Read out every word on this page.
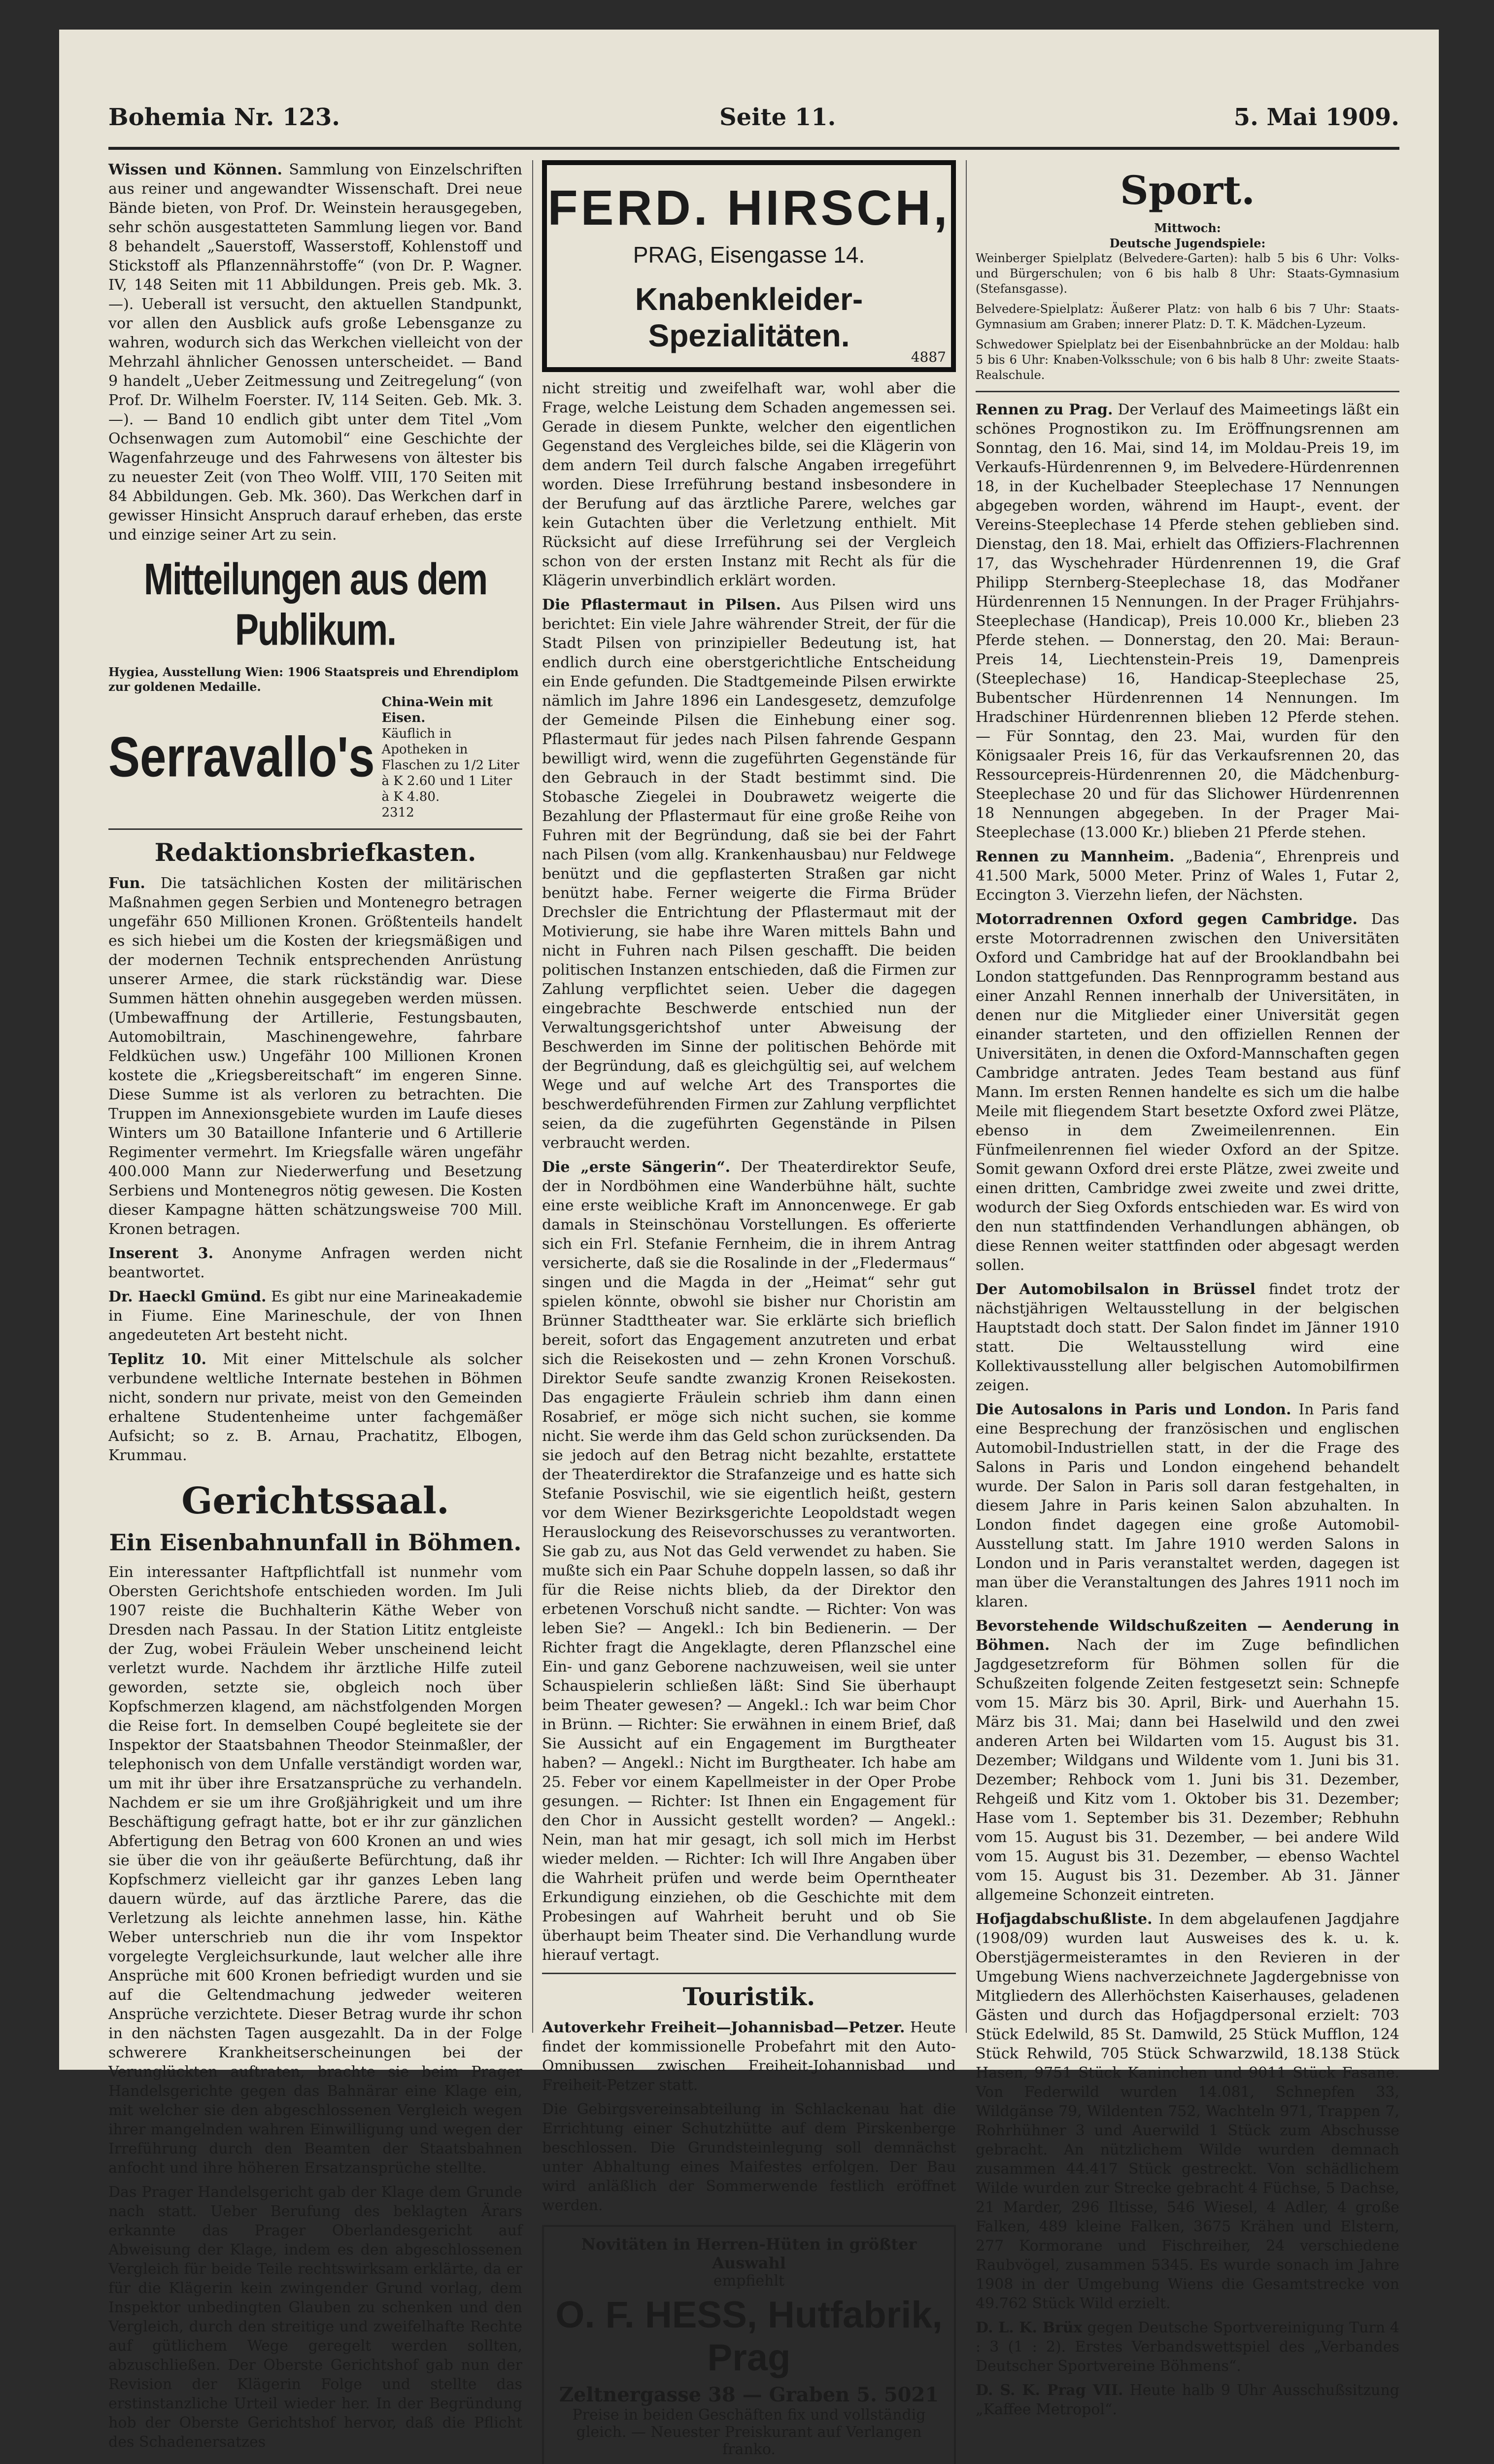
Bohemia Nr. 123.	Seite 11.	5. Mai 1909.

Wissen und Können. Sammlung von Einzelschriften aus reiner und angewandter Wissenschaft. Drei neue Bände bieten, von Prof. Dr. Weinstein herausgegeben, sehr schön ausgestatteten Sammlung liegen vor. Band 8 behandelt „Sauerstoff, Wasserstoff, Kohlenstoff und Stickstoff als Pflanzennährstoffe“ (von Dr. P. Wagner. IV, 148 Seiten mit 11 Abbildungen. Preis geb. Mk. 3.—). Ueberall ist versucht, den aktuellen Standpunkt, vor allen den Ausblick aufs große Lebensganze zu wahren, wodurch sich das Werkchen vielleicht von der Mehrzahl ähnlicher Genossen unterscheidet. — Band 9 handelt „Ueber Zeitmessung und Zeitregelung“ (von Prof. Dr. Wilhelm Foerster. IV, 114 Seiten. Geb. Mk. 3.—). — Band 10 endlich gibt unter dem Titel „Vom Ochsenwagen zum Automobil“ eine Geschichte der Wagenfahrzeuge und des Fahrwesens von ältester bis zu neuester Zeit (von Theo Wolff. VIII, 170 Seiten mit 84 Abbildungen. Geb. Mk. 360). Das Werkchen darf in gewisser Hinsicht Anspruch darauf erheben, das erste und einzige seiner Art zu sein.

Mitteilungen aus dem Publikum.
Hygiea, Ausstellung Wien: 1906 Staatspreis und Ehrendiplom zur goldenen Medaille.
Serravallo's
China-Wein mit Eisen.
Käuflich in Apotheken in Flaschen zu 1/2 Liter à K 2.60 und 1 Liter à K 4.80.
2312
Redaktionsbriefkasten.

Fun. Die tatsächlichen Kosten der militärischen Maßnahmen gegen Serbien und Montenegro betragen ungefähr 650 Millionen Kronen. Größtenteils handelt es sich hiebei um die Kosten der kriegsmäßigen und der modernen Technik entsprechenden Anrüstung unserer Armee, die stark rückständig war. Diese Summen hätten ohnehin ausgegeben werden müssen. (Umbewaffnung der Artillerie, Festungsbauten, Automobiltrain, Maschinengewehre, fahrbare Feldküchen usw.) Ungefähr 100 Millionen Kronen kostete die „Kriegsbereitschaft“ im engeren Sinne. Diese Summe ist als verloren zu betrachten. Die Truppen im Annexionsgebiete wurden im Laufe dieses Winters um 30 Bataillone Infanterie und 6 Artillerie Regimenter vermehrt. Im Kriegsfalle wären ungefähr 400.000 Mann zur Niederwerfung und Besetzung Serbiens und Montenegros nötig gewesen. Die Kosten dieser Kampagne hätten schätzungsweise 700 Mill. Kronen betragen.

Inserent 3. Anonyme Anfragen werden nicht beantwortet.

Dr. Haeckl Gmünd. Es gibt nur eine Marineakademie in Fiume. Eine Marineschule, der von Ihnen angedeuteten Art besteht nicht.

Teplitz 10. Mit einer Mittelschule als solcher verbundene weltliche Internate bestehen in Böhmen nicht, sondern nur private, meist von den Gemeinden erhaltene Studentenheime unter fachgemäßer Aufsicht; so z. B. Arnau, Prachatitz, Elbogen, Krummau.

Gerichtssaal.
Ein Eisenbahnunfall in Böhmen.

Ein interessanter Haftpflichtfall ist nunmehr vom Obersten Gerichtshofe entschieden worden. Im Juli 1907 reiste die Buchhalterin Käthe Weber von Dresden nach Passau. In der Station Lititz entgleiste der Zug, wobei Fräulein Weber unscheinend leicht verletzt wurde. Nachdem ihr ärztliche Hilfe zuteil geworden, setzte sie, obgleich noch über Kopfschmerzen klagend, am nächstfolgenden Morgen die Reise fort. In demselben Coupé begleitete sie der Inspektor der Staatsbahnen Theodor Steinmaßler, der telephonisch von dem Unfalle verständigt worden war, um mit ihr über ihre Ersatzansprüche zu verhandeln. Nachdem er sie um ihre Großjährigkeit und um ihre Beschäftigung gefragt hatte, bot er ihr zur gänzlichen Abfertigung den Betrag von 600 Kronen an und wies sie über die von ihr geäußerte Befürchtung, daß ihr Kopfschmerz vielleicht gar ihr ganzes Leben lang dauern würde, auf das ärztliche Parere, das die Verletzung als leichte annehmen lasse, hin. Käthe Weber unterschrieb nun die ihr vom Inspektor vorgelegte Vergleichsurkunde, laut welcher alle ihre Ansprüche mit 600 Kronen befriedigt wurden und sie auf die Geltendmachung jedweder weiteren Ansprüche verzichtete. Dieser Betrag wurde ihr schon in den nächsten Tagen ausgezahlt. Da in der Folge schwerere Krankheitserscheinungen bei der Verunglückten auftraten, brachte sie beim Prager Handelsgerichte gegen das Bahnärar eine Klage ein, mit welcher sie den abgeschlossenen Vergleich wegen ihrer mangelnden wahren Einwilligung und wegen der Irreführung durch den Beamten der Staatsbahnen anfocht und ihre höheren Ersatzansprüche stellte.

Das Prager Handelsgericht gab der Klage dem Grunde nach statt. Ueber Berufung des beklagten Ärars erkannte das Prager Oberlandesgericht auf Abweisung der Klage, indem es den abgeschlossenen Vergleich für beide Teile rechtswirksam erklärte, da er für die Klägerin kein zwingender Grund vorlag, dem Inspektor unbedingten Glauben zu schenken und den Vergleich, durch den streitige und zweifelhafte Rechte auf gütlichem Wege geregelt werden sollten, abzuschließen. Der Oberste Gerichtshof gab nun der Revision der Klägerin Folge und stellte das erstinstanzliche Urteil wieder her. In der Begründung hob der Oberste Gerichtshof hervor, daß die Pflicht des Schadenersatzes

FERD. HIRSCH,
PRAG, Eisengasse 14.
Knabenkleider-Spezialitäten.
4887

nicht streitig und zweifelhaft war, wohl aber die Frage, welche Leistung dem Schaden angemessen sei. Gerade in diesem Punkte, welcher den eigentlichen Gegenstand des Vergleiches bilde, sei die Klägerin von dem andern Teil durch falsche Angaben irregeführt worden. Diese Irreführung bestand insbesondere in der Berufung auf das ärztliche Parere, welches gar kein Gutachten über die Verletzung enthielt. Mit Rücksicht auf diese Irreführung sei der Vergleich schon von der ersten Instanz mit Recht als für die Klägerin unverbindlich erklärt worden.

Die Pflastermaut in Pilsen. Aus Pilsen wird uns berichtet: Ein viele Jahre währender Streit, der für die Stadt Pilsen von prinzipieller Bedeutung ist, hat endlich durch eine oberstgerichtliche Entscheidung ein Ende gefunden. Die Stadtgemeinde Pilsen erwirkte nämlich im Jahre 1896 ein Landesgesetz, demzufolge der Gemeinde Pilsen die Einhebung einer sog. Pflastermaut für jedes nach Pilsen fahrende Gespann bewilligt wird, wenn die zugeführten Gegenstände für den Gebrauch in der Stadt bestimmt sind. Die Stobasche Ziegelei in Doubrawetz weigerte die Bezahlung der Pflastermaut für eine große Reihe von Fuhren mit der Begründung, daß sie bei der Fahrt nach Pilsen (vom allg. Krankenhausbau) nur Feldwege benützt und die gepflasterten Straßen gar nicht benützt habe. Ferner weigerte die Firma Brüder Drechsler die Entrichtung der Pflastermaut mit der Motivierung, sie habe ihre Waren mittels Bahn und nicht in Fuhren nach Pilsen geschafft. Die beiden politischen Instanzen entschieden, daß die Firmen zur Zahlung verpflichtet seien. Ueber die dagegen eingebrachte Beschwerde entschied nun der Verwaltungsgerichtshof unter Abweisung der Beschwerden im Sinne der politischen Behörde mit der Begründung, daß es gleichgültig sei, auf welchem Wege und auf welche Art des Transportes die beschwerdeführenden Firmen zur Zahlung verpflichtet seien, da die zugeführten Gegenstände in Pilsen verbraucht werden.

Die „erste Sängerin“. Der Theaterdirektor Seufe, der in Nordböhmen eine Wanderbühne hält, suchte eine erste weibliche Kraft im Annoncenwege. Er gab damals in Steinschönau Vorstellungen. Es offerierte sich ein Frl. Stefanie Fernheim, die in ihrem Antrag versicherte, daß sie die Rosalinde in der „Fledermaus“ singen und die Magda in der „Heimat“ sehr gut spielen könnte, obwohl sie bisher nur Choristin am Brünner Stadttheater war. Sie erklärte sich brieflich bereit, sofort das Engagement anzutreten und erbat sich die Reisekosten und — zehn Kronen Vorschuß. Direktor Seufe sandte zwanzig Kronen Reisekosten. Das engagierte Fräulein schrieb ihm dann einen Rosabrief, er möge sich nicht suchen, sie komme nicht. Sie werde ihm das Geld schon zurücksenden. Da sie jedoch auf den Betrag nicht bezahlte, erstattete der Theaterdirektor die Strafanzeige und es hatte sich Stefanie Posvischil, wie sie eigentlich heißt, gestern vor dem Wiener Bezirksgerichte Leopoldstadt wegen Herauslockung des Reisevorschusses zu verantworten. Sie gab zu, aus Not das Geld verwendet zu haben. Sie mußte sich ein Paar Schuhe doppeln lassen, so daß ihr für die Reise nichts blieb, da der Direktor den erbetenen Vorschuß nicht sandte. — Richter: Von was leben Sie? — Angekl.: Ich bin Bedienerin. — Der Richter fragt die Angeklagte, deren Pflanzschel eine Ein- und ganz Geborene nachzuweisen, weil sie unter Schauspielerin schließen läßt: Sind Sie überhaupt beim Theater gewesen? — Angekl.: Ich war beim Chor in Brünn. — Richter: Sie erwähnen in einem Brief, daß Sie Aussicht auf ein Engagement im Burgtheater haben? — Angekl.: Nicht im Burgtheater. Ich habe am 25. Feber vor einem Kapellmeister in der Oper Probe gesungen. — Richter: Ist Ihnen ein Engagement für den Chor in Aussicht gestellt worden? — Angekl.: Nein, man hat mir gesagt, ich soll mich im Herbst wieder melden. — Richter: Ich will Ihre Angaben über die Wahrheit prüfen und werde beim Operntheater Erkundigung einziehen, ob die Geschichte mit dem Probesingen auf Wahrheit beruht und ob Sie überhaupt beim Theater sind. Die Verhandlung wurde hierauf vertagt.

Touristik.

Autoverkehr Freiheit—Johannisbad—Petzer. Heute findet der kommissionelle Probefahrt mit den Auto-Omnibussen zwischen Freiheit-Johannisbad und Freiheit-Petzer statt.

Die Gebirgsvereinsabteilung in Schlackenau hat die Errichtung einer Schutzhütte auf dem Pirskenberge beschlossen. Die Grundsteinlegung soll demnächst unter Abhaltung eines Maifestes erfolgen. Der Bau wird anläßlich der Sommerwende festlich eröffnet werden.

Novitäten in Herren-Hüten in größter Auswahl
empfiehlt
O. F. HESS, Hutfabrik, Prag
Zeltnergasse 38 — Graben 5. 5021
Preise in beiden Geschäften fix und vollständig gleich. — Neuester Preiskurant auf Verlangen franko.
Sport.
Mittwoch:
Deutsche Jugendspiele:

Weinberger Spielplatz (Belvedere-Garten): halb 5 bis 6 Uhr: Volks- und Bürgerschulen; von 6 bis halb 8 Uhr: Staats-Gymnasium (Stefansgasse).

Belvedere-Spielplatz: Äußerer Platz: von halb 6 bis 7 Uhr: Staats-Gymnasium am Graben; innerer Platz: D. T. K. Mädchen-Lyzeum.

Schwedower Spielplatz bei der Eisenbahnbrücke an der Moldau: halb 5 bis 6 Uhr: Knaben-Volksschule; von 6 bis halb 8 Uhr: zweite Staats-Realschule.

Rennen zu Prag. Der Verlauf des Maimeetings läßt ein schönes Prognostikon zu. Im Eröffnungsrennen am Sonntag, den 16. Mai, sind 14, im Moldau-Preis 19, im Verkaufs-Hürdenrennen 9, im Belvedere-Hürdenrennen 18, in der Kuchelbader Steeplechase 17 Nennungen abgegeben worden, während im Haupt-, event. der Vereins-Steeplechase 14 Pferde stehen geblieben sind. Dienstag, den 18. Mai, erhielt das Offiziers-Flachrennen 17, das Wyschehrader Hürdenrennen 19, die Graf Philipp Sternberg-Steeplechase 18, das Modřaner Hürdenrennen 15 Nennungen. In der Prager Frühjahrs-Steeplechase (Handicap), Preis 10.000 Kr., blieben 23 Pferde stehen. — Donnerstag, den 20. Mai: Beraun-Preis 14, Liechtenstein-Preis 19, Damenpreis (Steeplechase) 16, Handicap-Steeplechase 25, Bubentscher Hürdenrennen 14 Nennungen. Im Hradschiner Hürdenrennen blieben 12 Pferde stehen. — Für Sonntag, den 23. Mai, wurden für den Königsaaler Preis 16, für das Verkaufsrennen 20, das Ressourcepreis-Hürdenrennen 20, die Mädchenburg-Steeplechase 20 und für das Slichower Hürdenrennen 18 Nennungen abgegeben. In der Prager Mai-Steeplechase (13.000 Kr.) blieben 21 Pferde stehen.

Rennen zu Mannheim. „Badenia“, Ehrenpreis und 41.500 Mark, 5000 Meter. Prinz of Wales 1, Futar 2, Eccington 3. Vierzehn liefen, der Nächsten.

Motorradrennen Oxford gegen Cambridge. Das erste Motorradrennen zwischen den Universitäten Oxford und Cambridge hat auf der Brooklandbahn bei London stattgefunden. Das Rennprogramm bestand aus einer Anzahl Rennen innerhalb der Universitäten, in denen nur die Mitglieder einer Universität gegen einander starteten, und den offiziellen Rennen der Universitäten, in denen die Oxford-Mannschaften gegen Cambridge antraten. Jedes Team bestand aus fünf Mann. Im ersten Rennen handelte es sich um die halbe Meile mit fliegendem Start besetzte Oxford zwei Plätze, ebenso in dem Zweimeilenrennen. Ein Fünfmeilenrennen fiel wieder Oxford an der Spitze. Somit gewann Oxford drei erste Plätze, zwei zweite und einen dritten, Cambridge zwei zweite und zwei dritte, wodurch der Sieg Oxfords entschieden war. Es wird von den nun stattfindenden Verhandlungen abhängen, ob diese Rennen weiter stattfinden oder abgesagt werden sollen.

Der Automobilsalon in Brüssel findet trotz der nächstjährigen Weltausstellung in der belgischen Hauptstadt doch statt. Der Salon findet im Jänner 1910 statt. Die Weltausstellung wird eine Kollektivausstellung aller belgischen Automobilfirmen zeigen.

Die Autosalons in Paris und London. In Paris fand eine Besprechung der französischen und englischen Automobil-Industriellen statt, in der die Frage des Salons in Paris und London eingehend behandelt wurde. Der Salon in Paris soll daran festgehalten, in diesem Jahre in Paris keinen Salon abzuhalten. In London findet dagegen eine große Automobil-Ausstellung statt. Im Jahre 1910 werden Salons in London und in Paris veranstaltet werden, dagegen ist man über die Veranstaltungen des Jahres 1911 noch im klaren.

Bevorstehende Wildschußzeiten — Aenderung in Böhmen. Nach der im Zuge befindlichen Jagdgesetzreform für Böhmen sollen für die Schußzeiten folgende Zeiten festgesetzt sein: Schnepfe vom 15. März bis 30. April, Birk- und Auerhahn 15. März bis 31. Mai; dann bei Haselwild und den zwei anderen Arten bei Wildarten vom 15. August bis 31. Dezember; Wildgans und Wildente vom 1. Juni bis 31. Dezember; Rehbock vom 1. Juni bis 31. Dezember, Rehgeiß und Kitz vom 1. Oktober bis 31. Dezember; Hase vom 1. September bis 31. Dezember; Rebhuhn vom 15. August bis 31. Dezember, — bei andere Wild vom 15. August bis 31. Dezember, — ebenso Wachtel vom 15. August bis 31. Dezember. Ab 31. Jänner allgemeine Schonzeit eintreten.

Hofjagdabschußliste. In dem abgelaufenen Jagdjahre (1908/09) wurden laut Ausweises des k. u. k. Oberstjägermeisteramtes in den Revieren in der Umgebung Wiens nachverzeichnete Jagdergebnisse von Mitgliedern des Allerhöchsten Kaiserhauses, geladenen Gästen und durch das Hofjagdpersonal erzielt: 703 Stück Edelwild, 85 St. Damwild, 25 Stück Mufflon, 124 Stück Rehwild, 705 Stück Schwarzwild, 18.138 Stück Hasen, 9751 Stück Kaninchen und 9011 Stück Fasane. Von Federwild wurden 14.081, Schnepfen 33, Wildgänse 79, Wildenten 752, Wachteln 971, Trappen 7, Rohrhühner 3 und Auerwild 1 Stück zum Abschusse gebracht. An nützlichem Wilde wurden demnach zusammen 44.417 Stück gestreckt. Von schädlichem Wilde wurden zur Strecke gebracht 4 Füchse, 5 Dachse, 21 Marder, 296 Iltisse, 546 Wiesel, 4 Adler, 4 große Falken, 489 kleine Falken, 3675 Krähen und Elstern, 277 Kormorane und Fischreiher, 24 verschiedene Raubvögel, zusammen 5345. Es wurde sonach im Jahre 1908 in der Umgebung Wiens die Gesamtstrecke von 49.762 Stück Wild erzielt.

D. L. K. Brüx gegen Deutsche Sportvereinigung Turn 4 : 3 (1 : 2). Erstes Verbandswettspiel des „Verbandes Deutscher Sportvereine Böhmens“.

D. S. K. Prag VII. Heute halb 9 Uhr Ausschußsitzung „Kaffee Metropol“.
